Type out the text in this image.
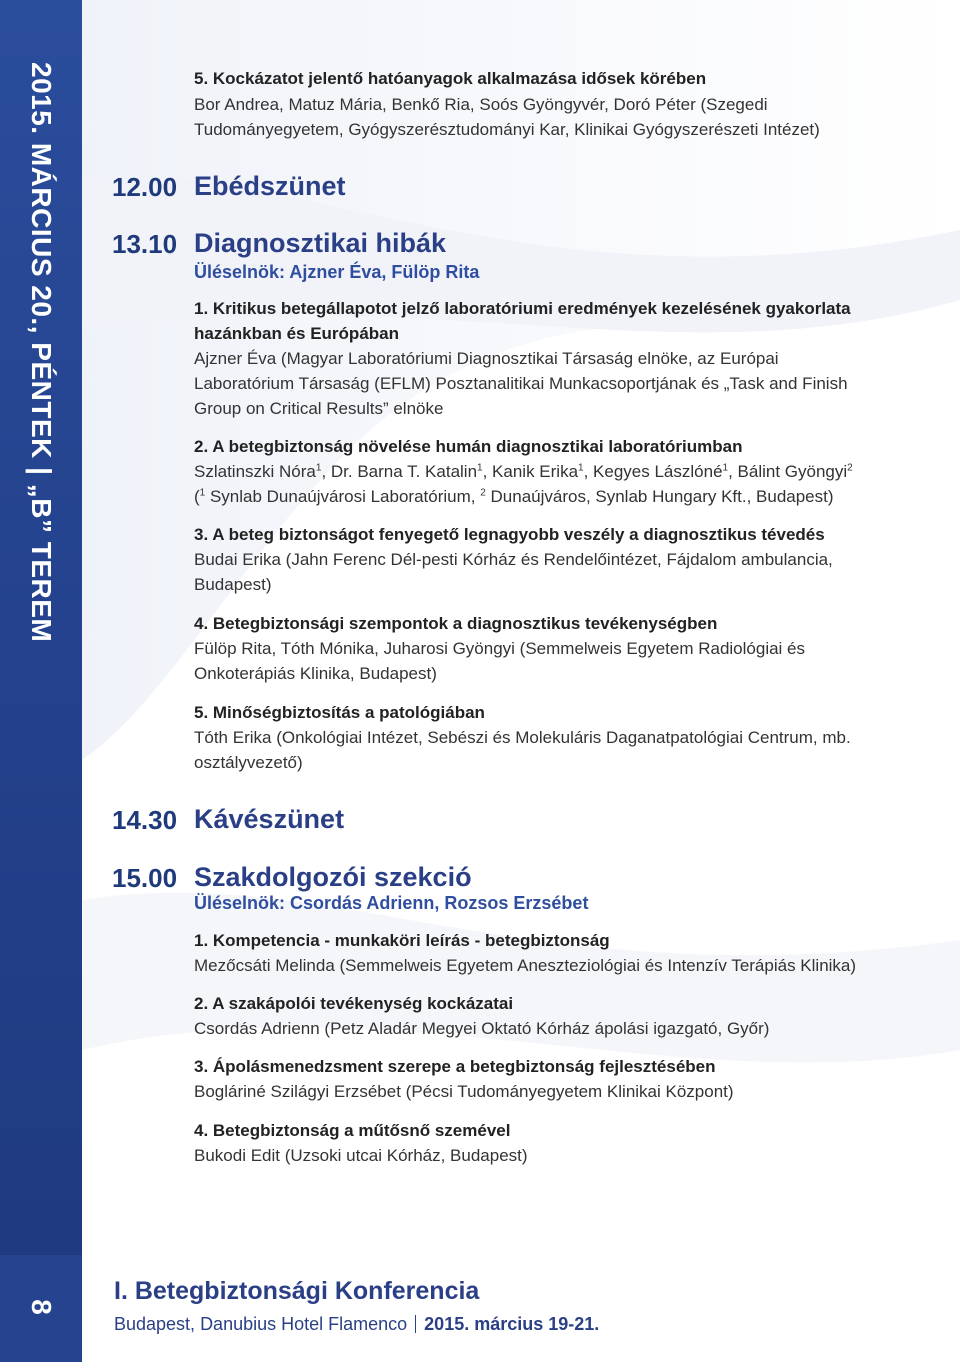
2015. MÁRCIUS 20., PÉNTEK | „B” TEREM
8
5. Kockázatot jelentő hatóanyagok alkalmazása idősek körében
Bor Andrea, Matuz Mária, Benkő Ria, Soós Gyöngyvér, Doró Péter (Szegedi
Tudományegyetem, Gyógyszerésztudományi Kar, Klinikai Gyógyszerészeti Intézet)
12.00 Ebédszünet
13.10 Diagnosztikai hibák
Üléselnök: Ajzner Éva, Fülöp Rita
1. Kritikus betegállapotot jelző laboratóriumi eredmények kezelésének gyakorlata
hazánkban és Európában
Ajzner Éva (Magyar Laboratóriumi Diagnosztikai Társaság elnöke, az Európai
Laboratórium Társaság (EFLM) Posztanalitikai Munkacsoportjának és „Task and Finish
Group on Critical Results” elnöke
2. A betegbiztonság növelése humán diagnosztikai laboratóriumban
Szlatinszki Nóra$^1$, Dr. Barna T. Katalin$^1$, Kanik Erika$^1$, Kegyes Lászlóné$^1$, Bálint Gyöngyi$^2$
($^1$ Synlab Dunaújvárosi Laboratórium, $^2$ Dunaújváros, Synlab Hungary Kft., Budapest)
3. A beteg biztonságot fenyegető legnagyobb veszély a diagnosztikus tévedés
Budai Erika (Jahn Ferenc Dél-pesti Kórház és Rendelőintézet, Fájdalom ambulancia,
Budapest)
4. Betegbiztonsági szempontok a diagnosztikus tevékenységben
Fülöp Rita, Tóth Mónika, Juharosi Gyöngyi (Semmelweis Egyetem Radiológiai és
Onkoterápiás Klinika, Budapest)
5. Minőségbiztosítás a patológiában
Tóth Erika (Onkológiai Intézet, Sebészi és Molekuláris Daganatpatológiai Centrum, mb.
osztályvezető)
14.30 Kávészünet
15.00 Szakdolgozói szekció
Üléselnök: Csordás Adrienn, Rozsos Erzsébet
1. Kompetencia - munkaköri leírás - betegbiztonság
Mezőcsáti Melinda (Semmelweis Egyetem Aneszteziológiai és Intenzív Terápiás Klinika)
2. A szakápolói tevékenység kockázatai
Csordás Adrienn (Petz Aladár Megyei Oktató Kórház ápolási igazgató, Győr)
3. Ápolásmenedzsment szerepe a betegbiztonság fejlesztésében
Bogláriné Szilágyi Erzsébet (Pécsi Tudományegyetem Klinikai Központ)
4. Betegbiztonság a műtősnő szemével
Bukodi Edit (Uzsoki utcai Kórház, Budapest)
I. Betegbiztonsági Konferencia
Budapest, Danubius Hotel Flamenco 2015. március 19-21.
